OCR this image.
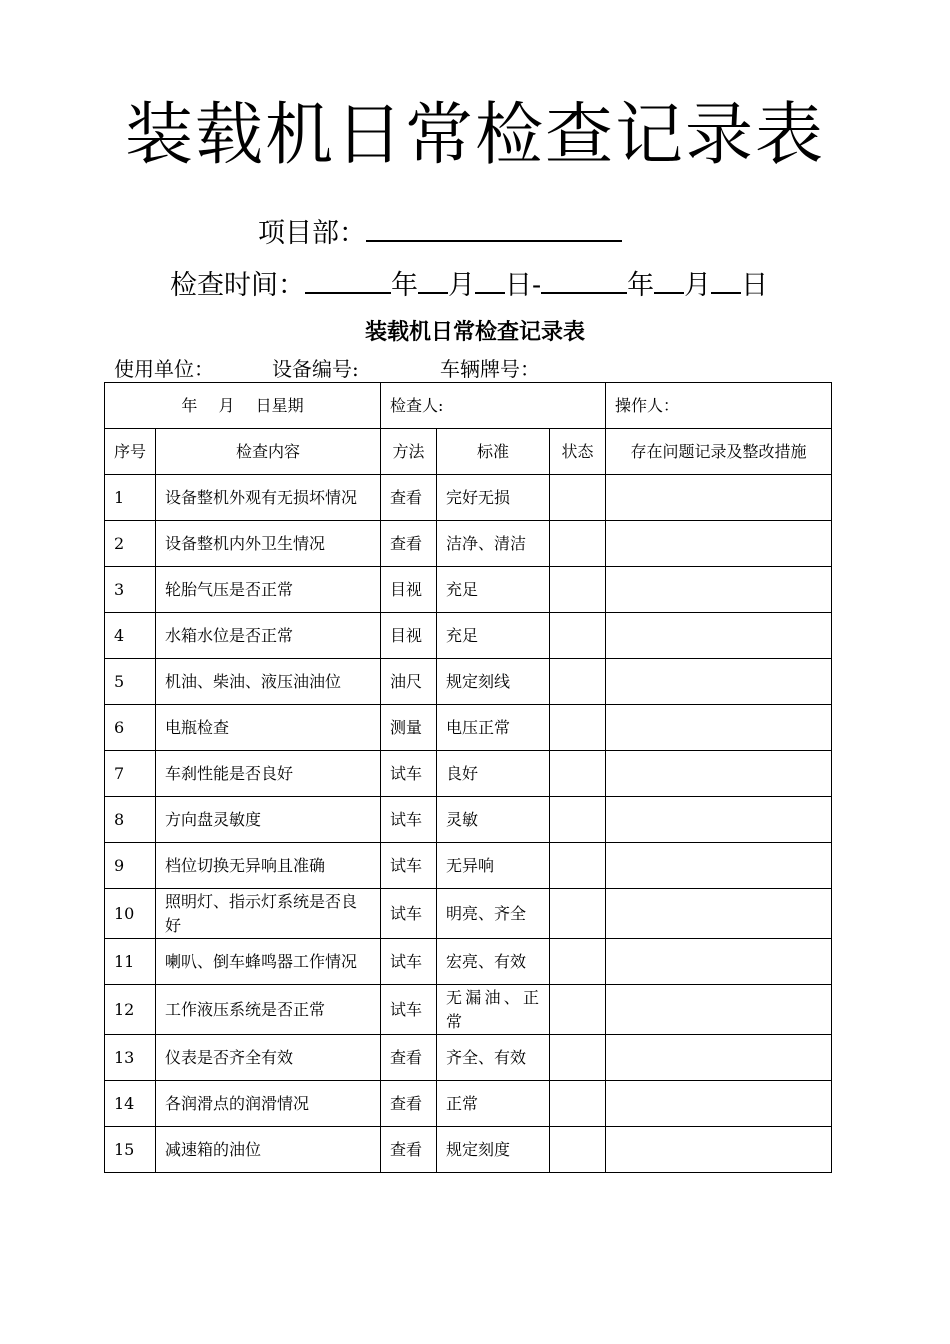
装载机日常检查记录表
项目部：
检查时间：	年 月 日-	年 月 日
装载机日常检查记录表
使用单位：	设备编号:	车辆牌号：
年　 月　 日星期		检查人:			操作人：
序号	检查内容	方法	标准	状态	存在问题记录及整改措施
1	设备整机外观有无损坏情况	查看	完好无损		
2	设备整机内外卫生情况	查看	洁净、清洁		
3	轮胎气压是否正常	目视	充足		
4	水箱水位是否正常	目视	充足		
5	机油、柴油、液压油油位	油尺	规定刻线		
6	电瓶检查	测量	电压正常		
7	车刹性能是否良好	试车	良好		
8	方向盘灵敏度	试车	灵敏		
9	档位切换无异响且准确	试车	无异响		
10	照明灯、指示灯系统是否良好	试车	明亮、齐全		
11	喇叭、倒车蜂鸣器工作情况	试车	宏亮、有效		
12	工作液压系统是否正常	试车	无漏油、正常		
13	仪表是否齐全有效	查看	齐全、有效		
14	各润滑点的润滑情况	查看	正常		
15	减速箱的油位	查看	规定刻度		
